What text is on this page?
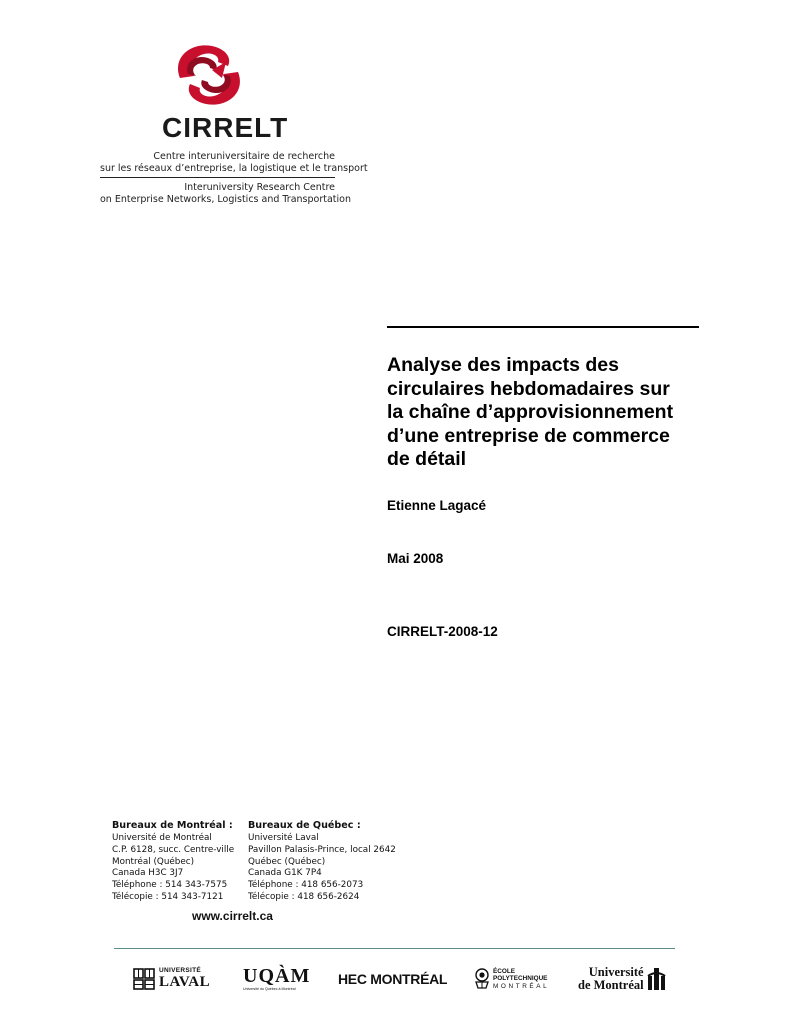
CIRRELT
Centre interuniversitaire de recherche
sur les réseaux d’entreprise, la logistique et le transport
Interuniversity Research Centre
on Enterprise Networks, Logistics and Transportation
Analyse des impacts des
circulaires hebdomadaires sur
la chaîne d’approvisionnement
d’une entreprise de commerce
de détail
Etienne Lagacé
Mai 2008
CIRRELT-2008-12
Bureaux de Montréal :
Université de Montréal
C.P. 6128, succ. Centre-ville
Montréal (Québec)
Canada H3C 3J7
Téléphone : 514 343-7575
Télécopie : 514 343-7121
Bureaux de Québec :
Université Laval
Pavillon Palasis-Prince, local 2642
Québec (Québec)
Canada G1K 7P4
Téléphone : 418 656-2073
Télécopie : 418 656-2624
www.cirrelt.ca
UNIVERSITÉ
LAVAL UQÀM
Université du Québec à Montréal
HEC MONTRÉAL	ÉCOLE
POLYTECHNIQUE
MONTRÉAL
Université
de Montréal
